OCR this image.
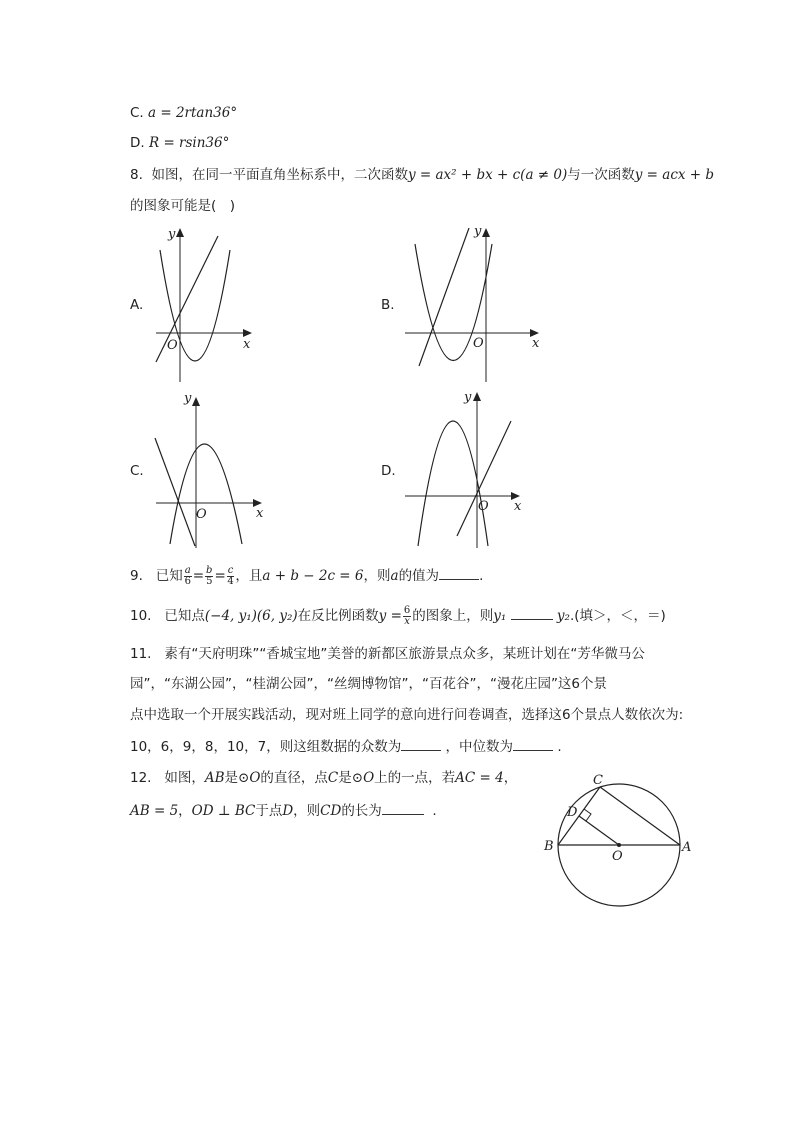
C. a = 2rtan36°
D. R = rsin36°
8. 如图，在同一平面直角坐标系中，二次函数y = ax² + bx + c(a ≠ 0)与一次函数y = acx + b
的图象可能是(　)
A.	B.
C.	D.
x
y
O	x
y
O
x
y
O
x
y
O
9. 已知 $\frac{a}{6} = \frac{b}{5} = \frac{c}{4}$ ，且a + b − 2c = 6，则a的值为	.
10. 已知点(−4, y₁)(6, y₂)在反比例函数$y = \frac{6}{x}$ 的图象上，则y₁	y₂.(填＞，＜，＝)
11. 素有“天府明珠”“香城宝地”美誉的新都区旅游景点众多，某班计划在“芳华微马公
园”，“东湖公园”，“桂湖公园”，“丝绸博物馆”，“百花谷”，“漫花庄园”这6个景
点中选取一个开展实践活动，现对班上同学的意向进行问卷调查，选择这6个景点人数依次为:
10，6，9，8，10，7，则这组数据的众数为	，中位数为	.
12. 如图，AB是⊙O的直径，点C是⊙O上的一点，若AC = 4，
AB = 5，OD ⊥ BC于点D，则CD的长为	.
C
D
B	A
O
